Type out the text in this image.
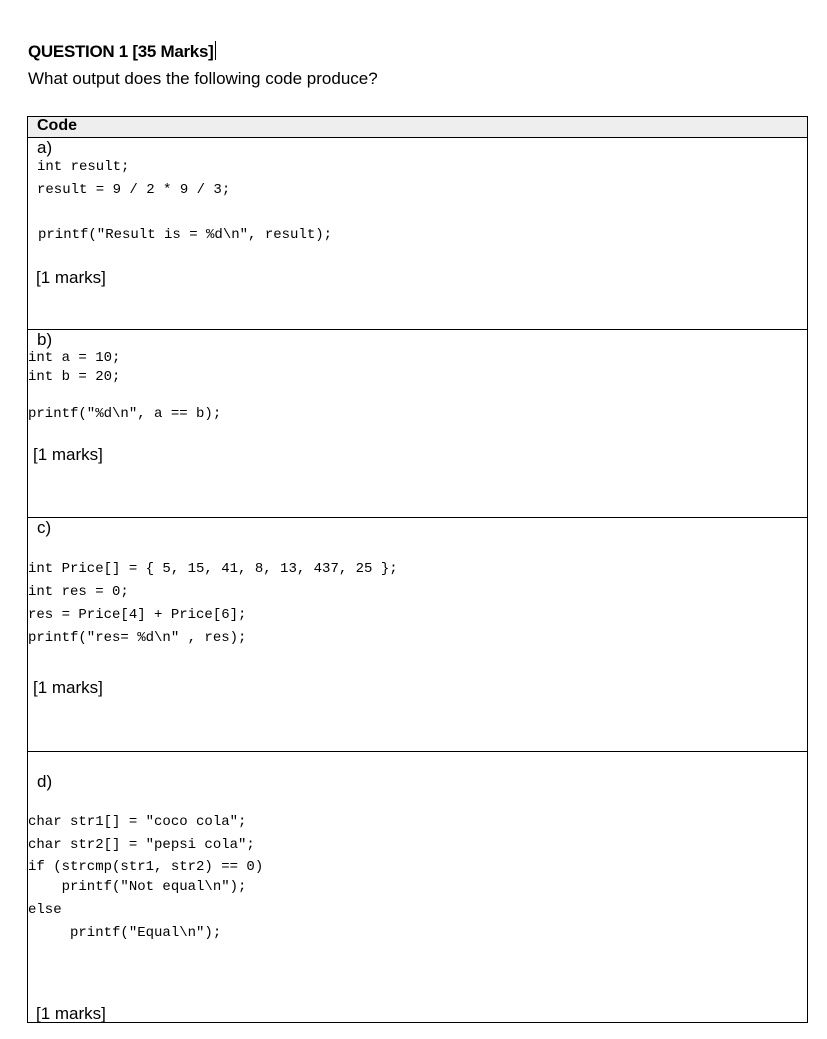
QUESTION 1 [35 Marks]
What output does the following code produce?
Code
a)
int result;
result = 9 / 2 * 9 / 3;
printf("Result is = %d\n", result);
[1 marks]
b)
int a = 10;
int b = 20;
printf("%d\n", a == b);
[1 marks]
c)
int Price[] = { 5, 15, 41, 8, 13, 437, 25 };
int res = 0;
res = Price[4] + Price[6];
printf("res= %d\n" , res);
[1 marks]
d)
char str1[] = "coco cola";
char str2[] = "pepsi cola";
if (strcmp(str1, str2) == 0)
printf("Not equal\n");
else
printf("Equal\n");
[1 marks]
